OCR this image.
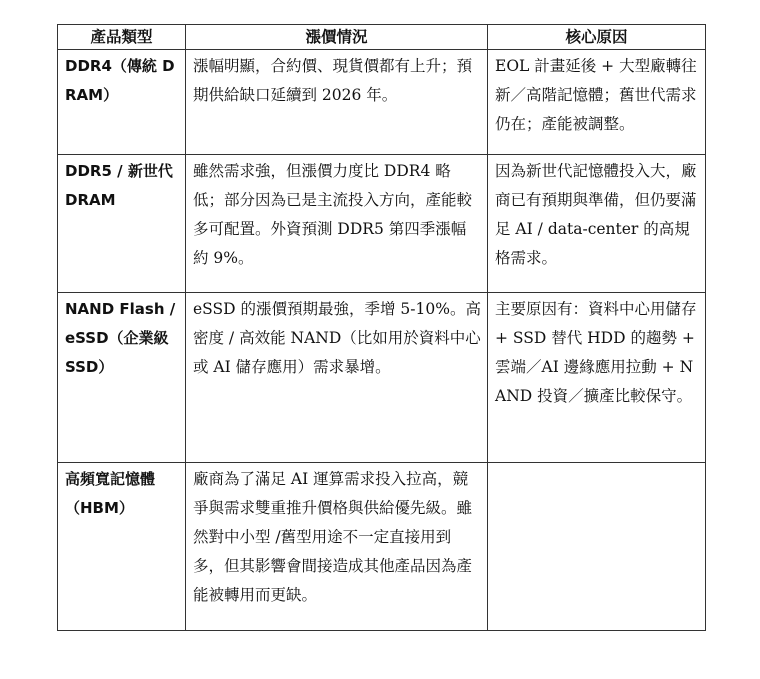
產品類型	漲價情況	核心原因
DDR4（傳統 DRAM）	漲幅明顯，合約價、現貨價都有上升；預期供給缺口延續到 2026 年。	EOL 計畫延後 + 大型廠轉往新／高階記憶體；舊世代需求仍在；產能被調整。
DDR5 / 新世代 DRAM	雖然需求強，但漲價力度比 DDR4 略低；部分因為已是主流投入方向，產能較多可配置。外資預測 DDR5 第四季漲幅約 9%。	因為新世代記憶體投入大，廠商已有預期與準備，但仍要滿足 AI / data-center 的高規格需求。
NAND Flash / eSSD（企業級 SSD）	eSSD 的漲價預期最強，季增 5-10%。高密度 / 高效能 NAND（比如用於資料中心或 AI 儲存應用）需求暴增。	主要原因有：資料中心用儲存 + SSD 替代 HDD 的趨勢 + 雲端／AI 邊緣應用拉動 + NAND 投資／擴產比較保守。
高頻寬記憶體（HBM）	廠商為了滿足 AI 運算需求投入拉高，競爭與需求雙重推升價格與供給優先級。雖然對中小型 /舊型用途不一定直接用到多，但其影響會間接造成其他產品因為產能被轉用而更缺。	
